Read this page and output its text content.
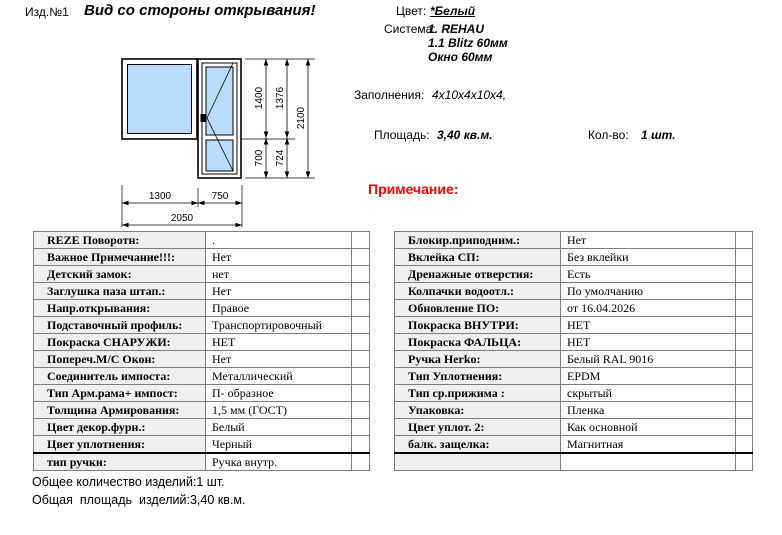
Изд.№1 Вид со стороны открывания!	Цвет: *Белый
Система:
1. REHAU
1.1 Blitz 60мм
Окно 60мм
Заполнения: 4х10х4х10х4,
Площадь: 3,40 кв.м.	Кол-во: 1 шт.
Примечание:
1400
700
1376
724
2100
1300	750
2050
REZE Поворотн:	.	
Важное Примечание!!!:	Нет	
Детский замок:	нет	
Заглушка паза штап.:	Нет	
Напр.открывания:	Правое	
Подставочный профиль:	Транспортировочный	
Покраска СНАРУЖИ:	НЕТ	
Попереч.М/С Окон:	Нет	
Соединитель импоста:	Металлический	
Тип Арм.рама+ импост:	П- образное	
Толщина Армирования:	1,5 мм (ГОСТ)	
Цвет декор.фурн.:	Белый	
Цвет уплотнения:	Черный	
тип ручки:	Ручка внутр.	
Блокир.приподним.:	Нет	
Вклейка СП:	Без вклейки	
Дренажные отверстия:	Есть	
Колпачки водоотл.:	По умолчанию	
Обновление ПО:	от 16.04.2026	
Покраска ВНУТРИ:	НЕТ	
Покраска ФАЛЬЦА:	НЕТ	
Ручка Herko:	Белый RAL 9016	
Тип Уплотнения:	EPDM	
Тип ср.прижима :	скрытый	
Упаковка:	Пленка	
Цвет уплот. 2:	Как основной	
балк. защелка:	Магнитная	

Общее количество изделий:1 шт.
Общая  площадь  изделий:3,40 кв.м.
